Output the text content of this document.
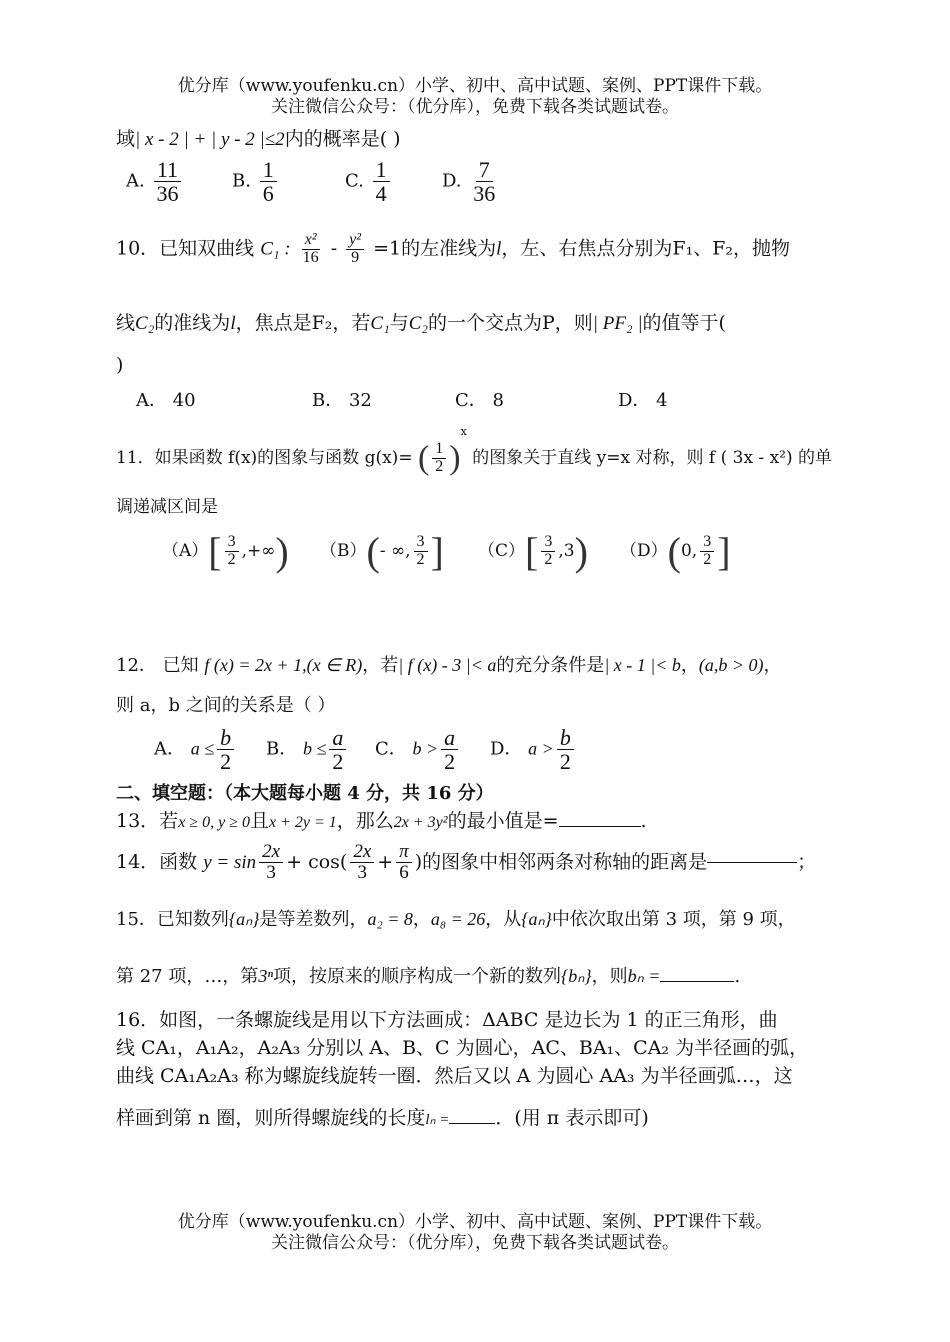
优分库（www.youfenku.cn）小学、初中、高中试题、案例、PPT课件下载。
关注微信公众号：（优分库），免费下载各类试题试卷。
域| x - 2 | + | y - 2 |≤2内的概率是( )
A. $\frac{11}{36}$	B. $\frac{1}{6}$	C. $\frac{1}{4}$	D. $\frac{7}{36}$
10．已知双曲线 C₁ : $\frac{\text{x²}}{16} - \frac{\text{y²}}{9} =1$的左准线为l，左、右焦点分别为F₁、F₂，抛物
线C₂的准线为l，焦点是F₂，若C₁与C₂的一个交点为P，则| PF₂ |的值等于(
)
A． 40	B． 32	C． 8	D． 4
11．如果函数 f(x)的图象与函数 g(x)= ( $\frac{1}{2} )^x$ 的图象关于直线 y=x 对称，则 f ( 3x - x²) 的单
调递减区间是
$(A)[ \frac{3}{2}$ ,+∞) （B）(- ∞, $\frac{3}{2}$ ] $(C)[ \frac{3}{2} ,3)$ （D）(0, $\frac{3}{2}$ ]
12． 已知 f (x) = 2x + 1,(x ∈ R)，若| f (x) - 3 |< a的充分条件是| x - 1 |< b，(a,b > 0)，
则 a，b 之间的关系是（ ）
A． $a \le \frac{b}{2}$ B． $b \le \frac{a}{2}$ C． $b > \frac{a}{2}$ D． $a > \frac{b}{2}$
二、填空题：（本大题每小题 4 分，共 16 分）
13．若x ≥ 0, y ≥ 0且x + 2y = 1，那么2x + 3y²的最小值是=	.
14．函数 $y = \sin \frac{2x}{3} + \cos( \frac{2x}{3} + \frac{\pi}{6}$ )的图象中相邻两条对称轴的距离是	；
15．已知数列{aₙ}是等差数列，a₂ = 8，a₈ = 26，从{aₙ}中依次取出第 3 项，第 9 项，
第 27 项，…，第3ⁿ项，按原来的顺序构成一个新的数列{bₙ}，则bₙ =	.
16．如图，一条螺旋线是用以下方法画成：ΔABC 是边长为 1 的正三角形，曲
线 CA₁，A₁A₂，A₂A₃ 分别以 A、B、C 为圆心，AC、BA₁、CA₂ 为半径画的弧，
曲线 CA₁A₂A₃ 称为螺旋线旋转一圈．然后又以 A 为圆心 AA₃ 为半径画弧…，这
样画到第 n 圈，则所得螺旋线的长度lₙ = ．(用 π 表示即可)
优分库（www.youfenku.cn）小学、初中、高中试题、案例、PPT课件下载。
关注微信公众号：（优分库），免费下载各类试题试卷。
